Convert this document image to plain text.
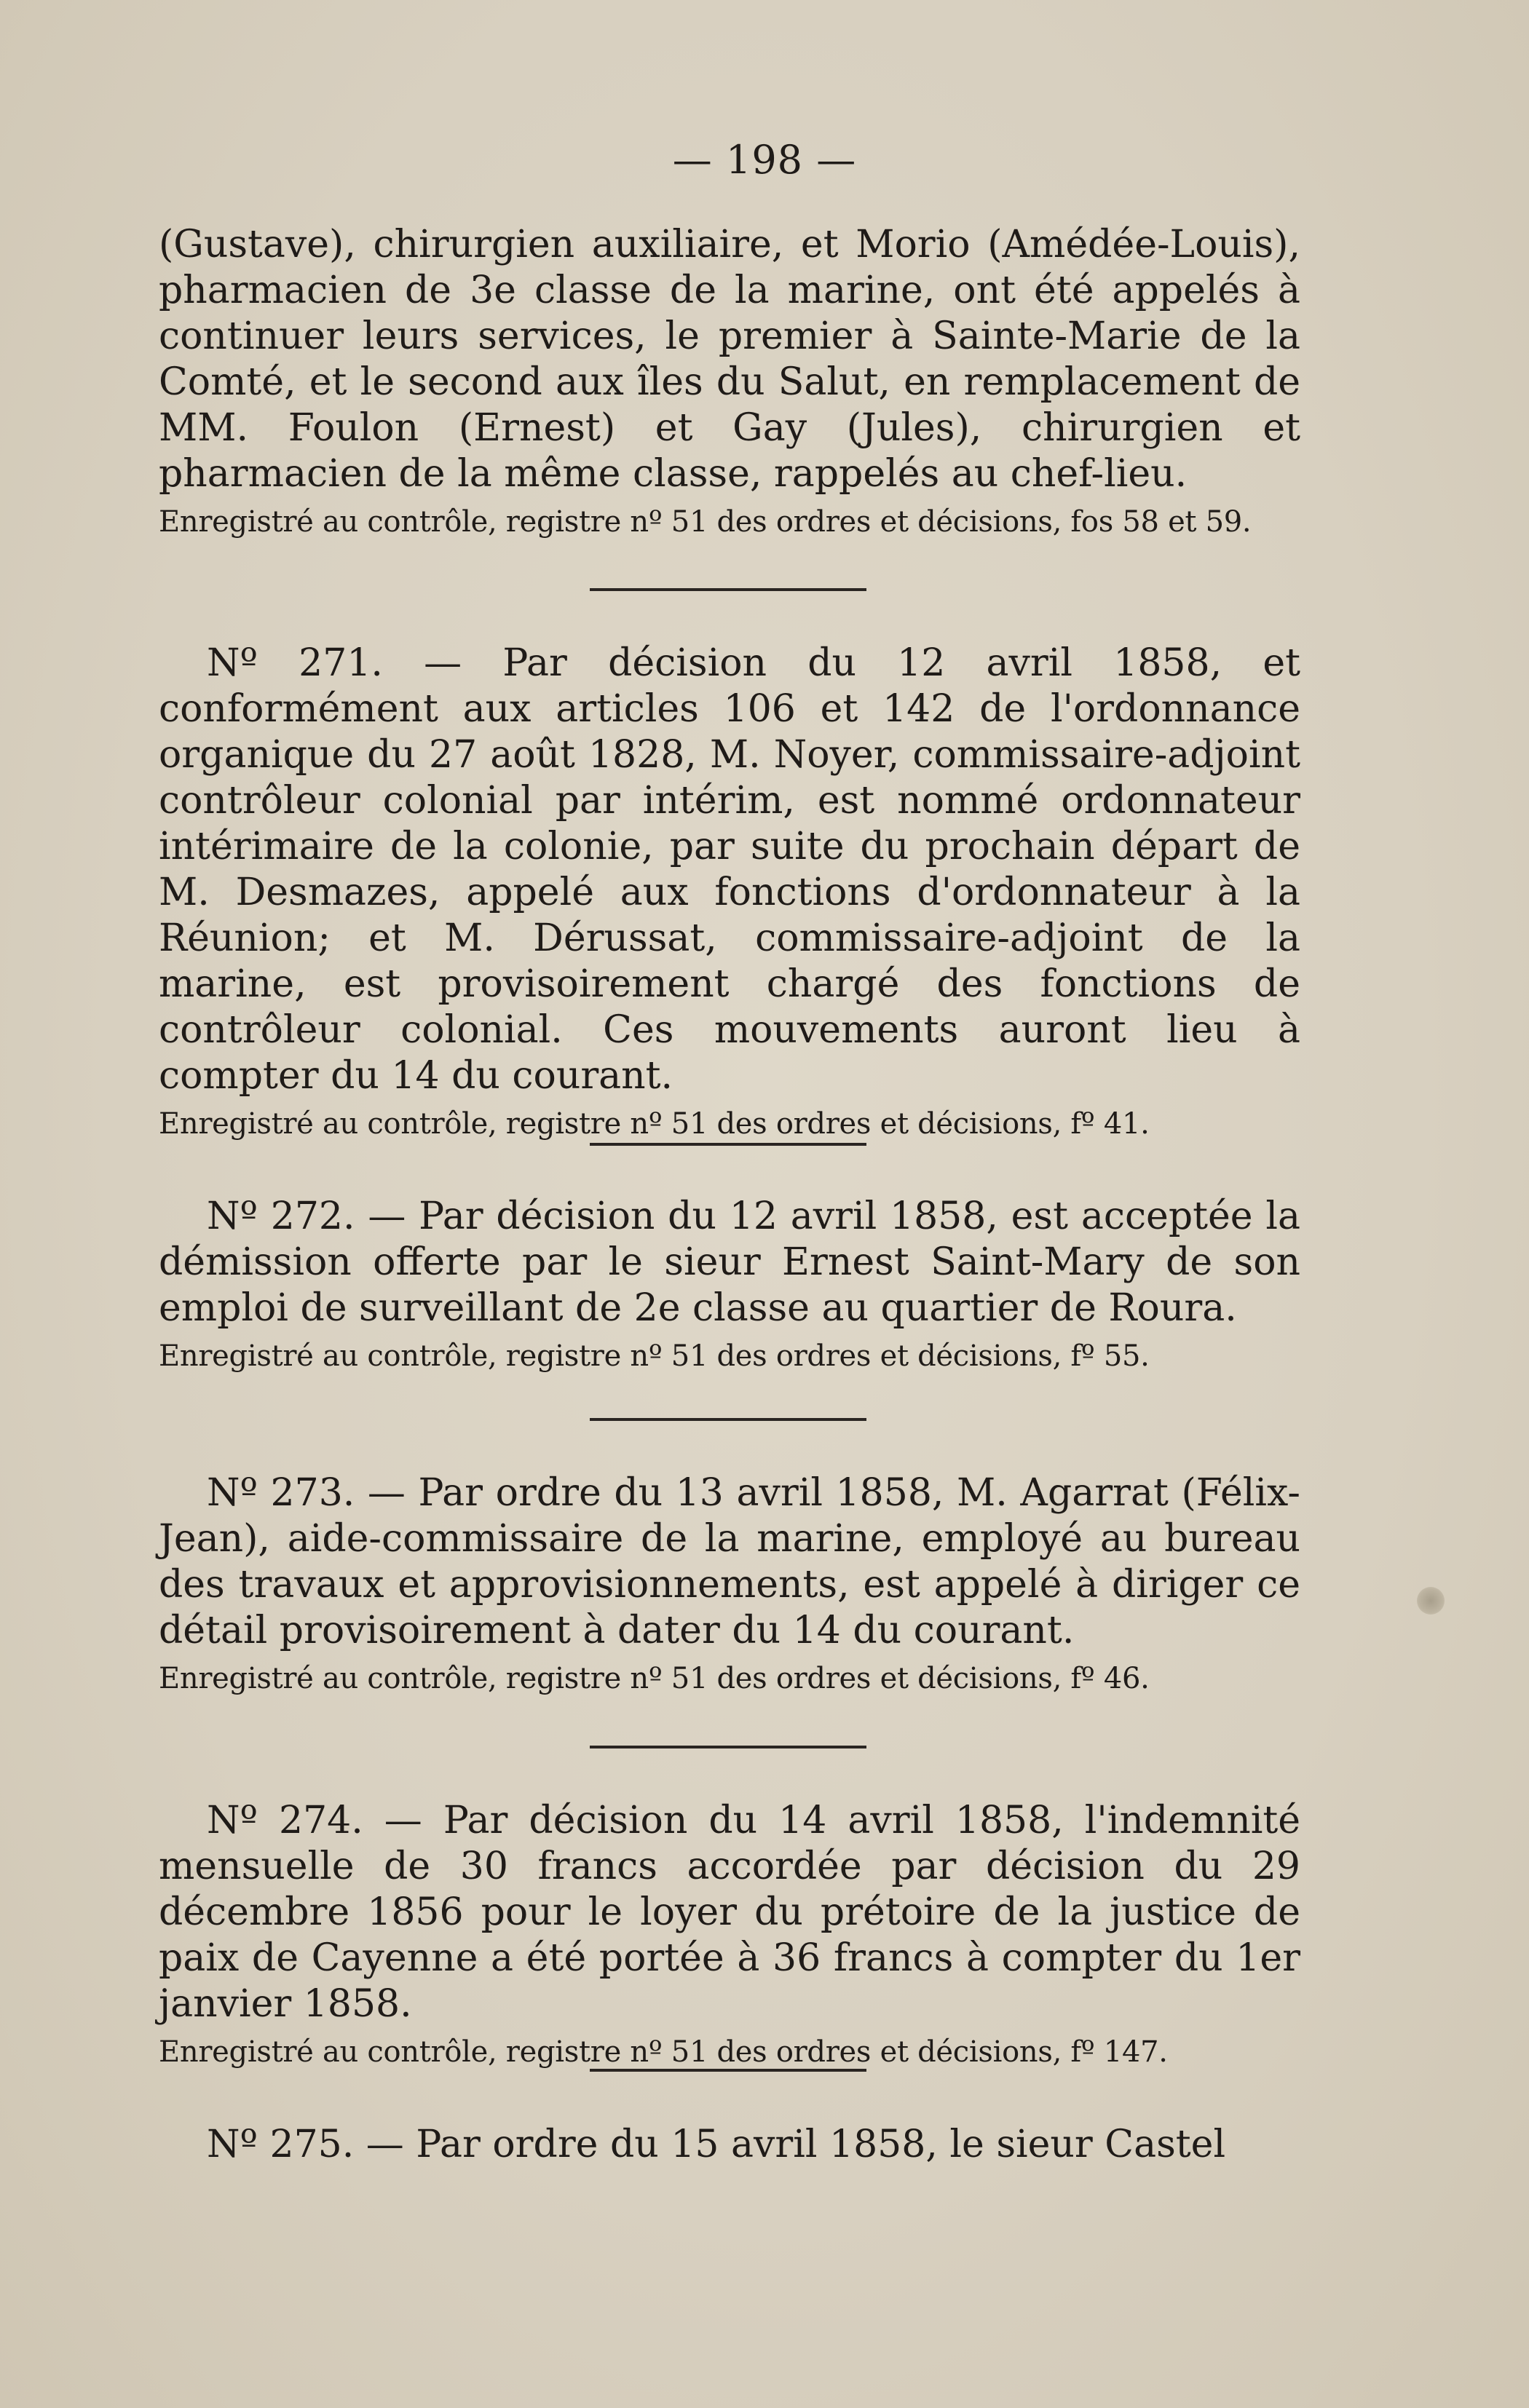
— 198 —

(Gustave), chirurgien auxiliaire, et Morio (Amédée-Louis), pharmacien de 3e classe de la marine, ont été appelés à continuer leurs services, le premier à Sainte-Marie de la Comté, et le second aux îles du Salut, en remplacement de MM. Foulon (Ernest) et Gay (Jules), chirurgien et pharmacien de la même classe, rappelés au chef-lieu.

Enregistré au contrôle, registre nº 51 des ordres et décisions, fos 58 et 59.

Nº 271. — Par décision du 12 avril 1858, et conformément aux articles 106 et 142 de l'ordonnance organique du 27 août 1828, M. Noyer, commissaire-adjoint contrôleur colonial par intérim, est nommé ordonnateur intérimaire de la colonie, par suite du prochain départ de M. Desmazes, appelé aux fonctions d'ordonnateur à la Réunion; et M. Dérussat, commissaire-adjoint de la marine, est provisoirement chargé des fonctions de contrôleur colonial. Ces mouvements auront lieu à compter du 14 du courant.

Enregistré au contrôle, registre nº 51 des ordres et décisions, fº 41.

Nº 272. — Par décision du 12 avril 1858, est acceptée la démission offerte par le sieur Ernest Saint-Mary de son emploi de surveillant de 2e classe au quartier de Roura.

Enregistré au contrôle, registre nº 51 des ordres et décisions, fº 55.

Nº 273. — Par ordre du 13 avril 1858, M. Agarrat (Félix-Jean), aide-commissaire de la marine, employé au bureau des travaux et approvisionnements, est appelé à diriger ce détail provisoirement à dater du 14 du courant.

Enregistré au contrôle, registre nº 51 des ordres et décisions, fº 46.

Nº 274. — Par décision du 14 avril 1858, l'indemnité mensuelle de 30 francs accordée par décision du 29 décembre 1856 pour le loyer du prétoire de la justice de paix de Cayenne a été portée à 36 francs à compter du 1er janvier 1858.

Enregistré au contrôle, registre nº 51 des ordres et décisions, fº 147.

Nº 275. — Par ordre du 15 avril 1858, le sieur Castel
